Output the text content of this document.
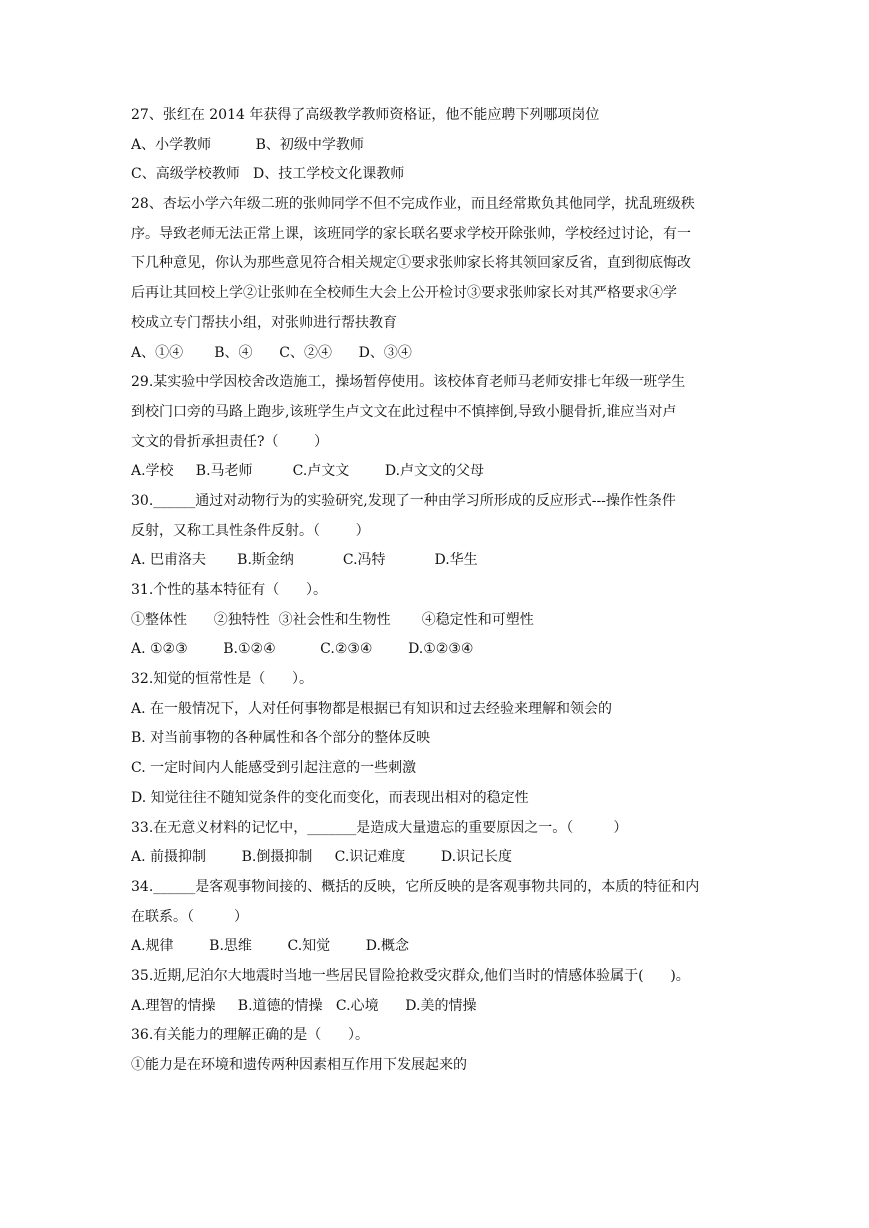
27、张红在 2014 年获得了高级教学教师资格证，他不能应聘下列哪项岗位
A、小学教师          B、初级中学教师
C、高级学校教师   D、技工学校文化课教师
28、杏坛小学六年级二班的张帅同学不但不完成作业，而且经常欺负其他同学，扰乱班级秩
序。导致老师无法正常上课，该班同学的家长联名要求学校开除张帅，学校经过讨论，有一
下几种意见，你认为那些意见符合相关规定①要求张帅家长将其领回家反省，直到彻底悔改
后再让其回校上学②让张帅在全校师生大会上公开检讨③要求张帅家长对其严格要求④学
校成立专门帮扶小组，对张帅进行帮扶教育
A、①④       B、④      C、②④      D、③④
29.某实验中学因校舍改造施工，操场暂停使用。该校体育老师马老师安排七年级一班学生
到校门口旁的马路上跑步,该班学生卢文文在此过程中不慎摔倒,导致小腿骨折,谁应当对卢
文文的骨折承担责任?（        ）
A.学校     B.马老师         C.卢文文        D.卢文文的父母
30.______通过对动物行为的实验研究,发现了一种由学习所形成的反应形式---操作性条件
反射，又称工具性条件反射。（        ）
A. 巴甫洛夫       B.斯金纳           C.冯特           D.华生
31.个性的基本特征有（      ）。
①整体性      ②独特性  ③社会性和生物性       ④稳定性和可塑性
A. ①②③        B.①②④          C.②③④        D.①②③④
32.知觉的恒常性是（      ）。
A. 在一般情况下，人对任何事物都是根据已有知识和过去经验来理解和领会的
B. 对当前事物的各种属性和各个部分的整体反映
C. 一定时间内人能感受到引起注意的一些刺激
D. 知觉往往不随知觉条件的变化而变化，而表现出相对的稳定性
33.在无意义材料的记忆中，_______是造成大量遗忘的重要原因之一。（         ）
A. 前摄抑制        B.倒摄抑制     C.识记难度        D.识记长度
34.______是客观事物间接的、概括的反映，它所反映的是客观事物共同的，本质的特征和内
在联系。（         ）
A.规律        B.思维        C.知觉        D.概念
35.近期,尼泊尔大地震时当地一些居民冒险抢救受灾群众,他们当时的情感体验属于(      )。
A.理智的情操     B.道德的情操   C.心境      D.美的情操
36.有关能力的理解正确的是（      ）。
①能力是在环境和遗传两种因素相互作用下发展起来的
